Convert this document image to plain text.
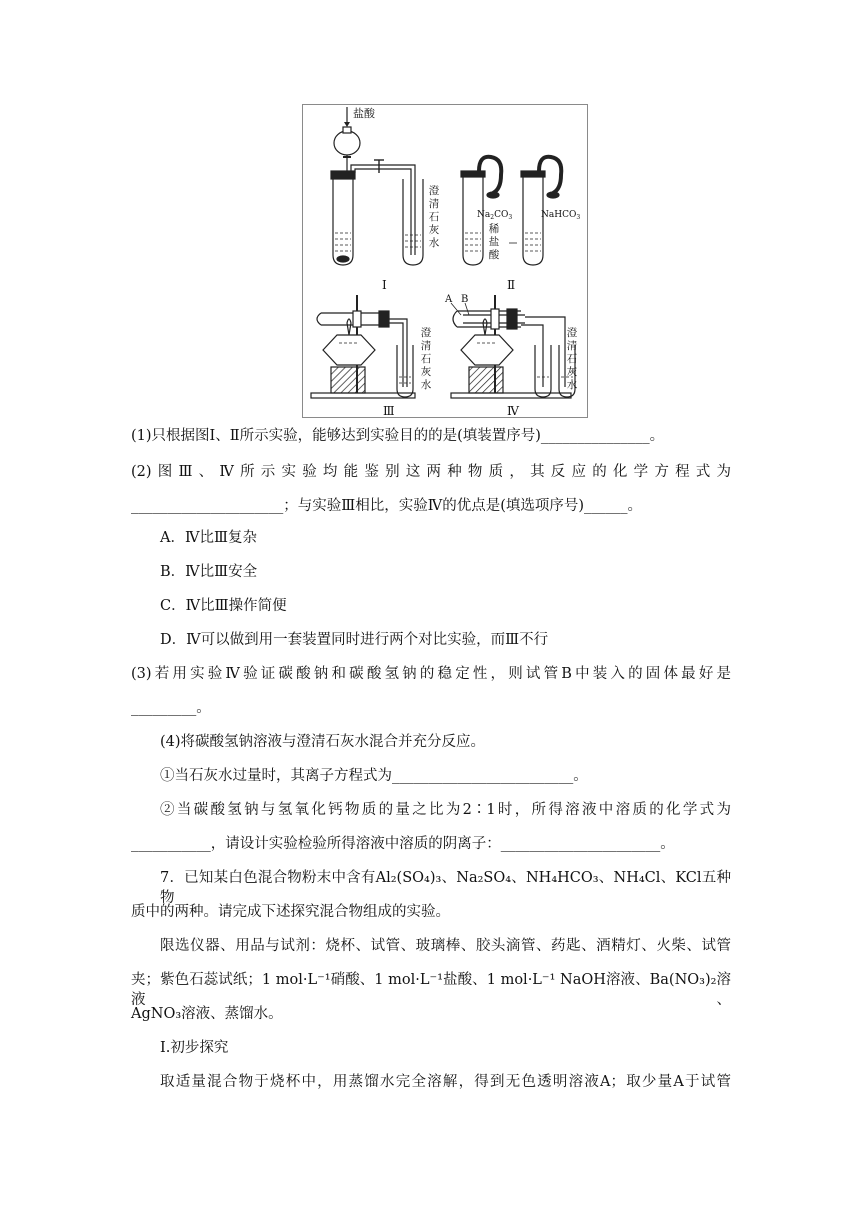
盐酸
$Na_2CO_3$	NaHCO$_3$
Ⅰ	Ⅱ
Ⅲ	Ⅳ
A B
澄清石灰水
稀盐酸
澄清石灰水
澄清石灰水
(1)只根据图Ⅰ、Ⅱ所示实验，能够达到实验目的的是(填装置序号)_______________。
(2)图Ⅲ、Ⅳ所示实验均能鉴别这两种物质，其反应的化学方程式为
_____________________；与实验Ⅲ相比，实验Ⅳ的优点是(填选项序号)______。
A．Ⅳ比Ⅲ复杂
B．Ⅳ比Ⅲ安全
C．Ⅳ比Ⅲ操作简便
D．Ⅳ可以做到用一套装置同时进行两个对比实验，而Ⅲ不行
(3)若用实验Ⅳ验证碳酸钠和碳酸氢钠的稳定性，则试管B中装入的固体最好是
_________。
(4)将碳酸氢钠溶液与澄清石灰水混合并充分反应。
①当石灰水过量时，其离子方程式为_________________________。
②当碳酸氢钠与氢氧化钙物质的量之比为2∶1时，所得溶液中溶质的化学式为
___________，请设计实验检验所得溶液中溶质的阴离子：______________________。
7．已知某白色混合物粉末中含有Al₂(SO₄)₃、Na₂SO₄、NH₄HCO₃、NH₄Cl、KCl五种物
质中的两种。请完成下述探究混合物组成的实验。
限选仪器、用品与试剂：烧杯、试管、玻璃棒、胶头滴管、药匙、酒精灯、火柴、试管
夹；紫色石蕊试纸；1 mol·L⁻¹硝酸、1 mol·L⁻¹盐酸、1 mol·L⁻¹ NaOH溶液、Ba(NO₃)₂溶液、
AgNO₃溶液、蒸馏水。
Ⅰ.初步探究
取适量混合物于烧杯中，用蒸馏水完全溶解，得到无色透明溶液A；取少量A于试管
